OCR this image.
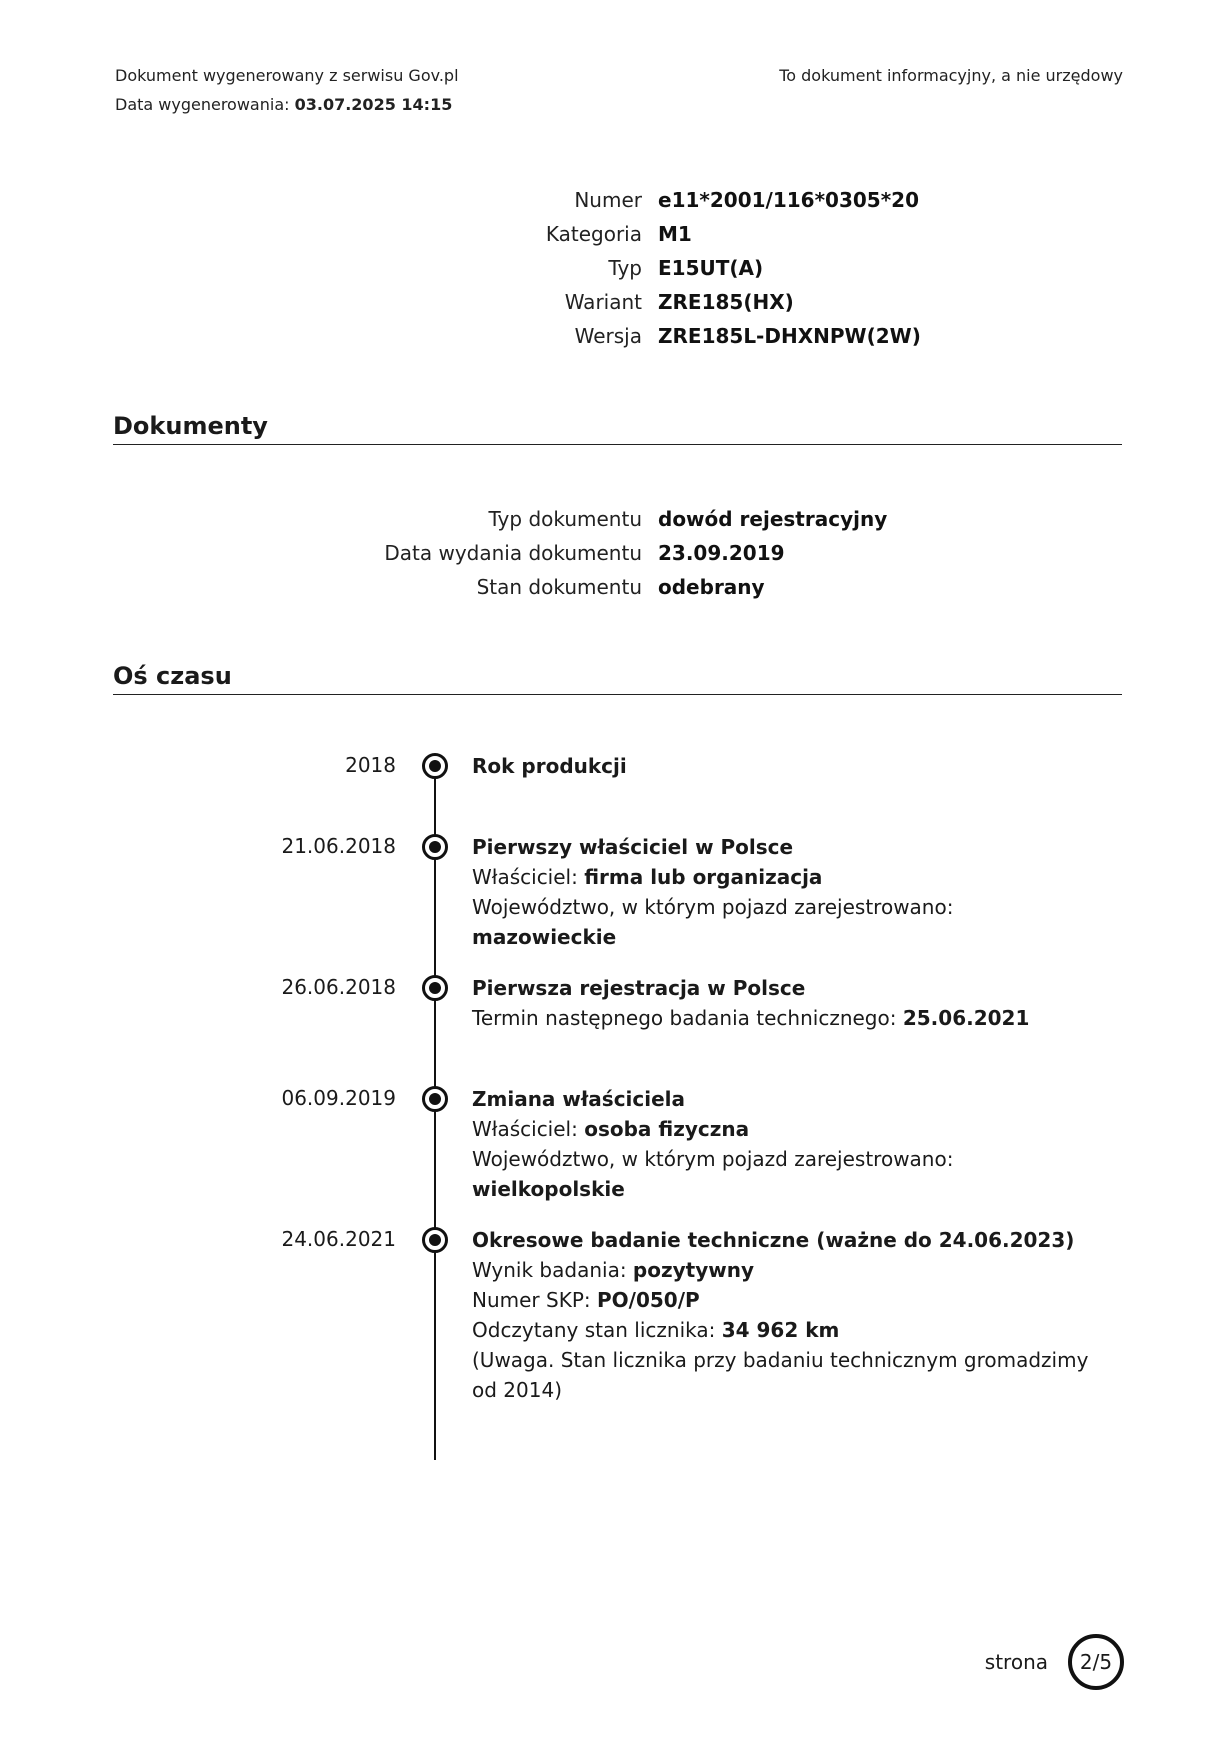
Dokument wygenerowany z serwisu Gov.pl
Data wygenerowania: 03.07.2025 14:15
To dokument informacyjny, a nie urzędowy
Numer e11*2001/116*0305*20
Kategoria M1
Typ E15UT(A)
Wariant ZRE185(HX)
Wersja ZRE185L-DHXNPW(2W)
Dokumenty
Typ dokumentu dowód rejestracyjny
Data wydania dokumentu 23.09.2019
Stan dokumentu odebrany
Oś czasu
2018	Rok produkcji
21.06.2018	Pierwszy właściciel w Polsce
Właściciel: firma lub organizacja
Województwo, w którym pojazd zarejestrowano: mazowieckie
26.06.2018	Pierwsza rejestracja w Polsce
Termin następnego badania technicznego: 25.06.2021
06.09.2019	Zmiana właściciela
Właściciel: osoba fizyczna
Województwo, w którym pojazd zarejestrowano: wielkopolskie
24.06.2021	Okresowe badanie techniczne (ważne do 24.06.2023)
Wynik badania: pozytywny
Numer SKP: PO/050/P
Odczytany stan licznika: 34 962 km
(Uwaga. Stan licznika przy badaniu technicznym gromadzimy od 2014)
strona	2/5
